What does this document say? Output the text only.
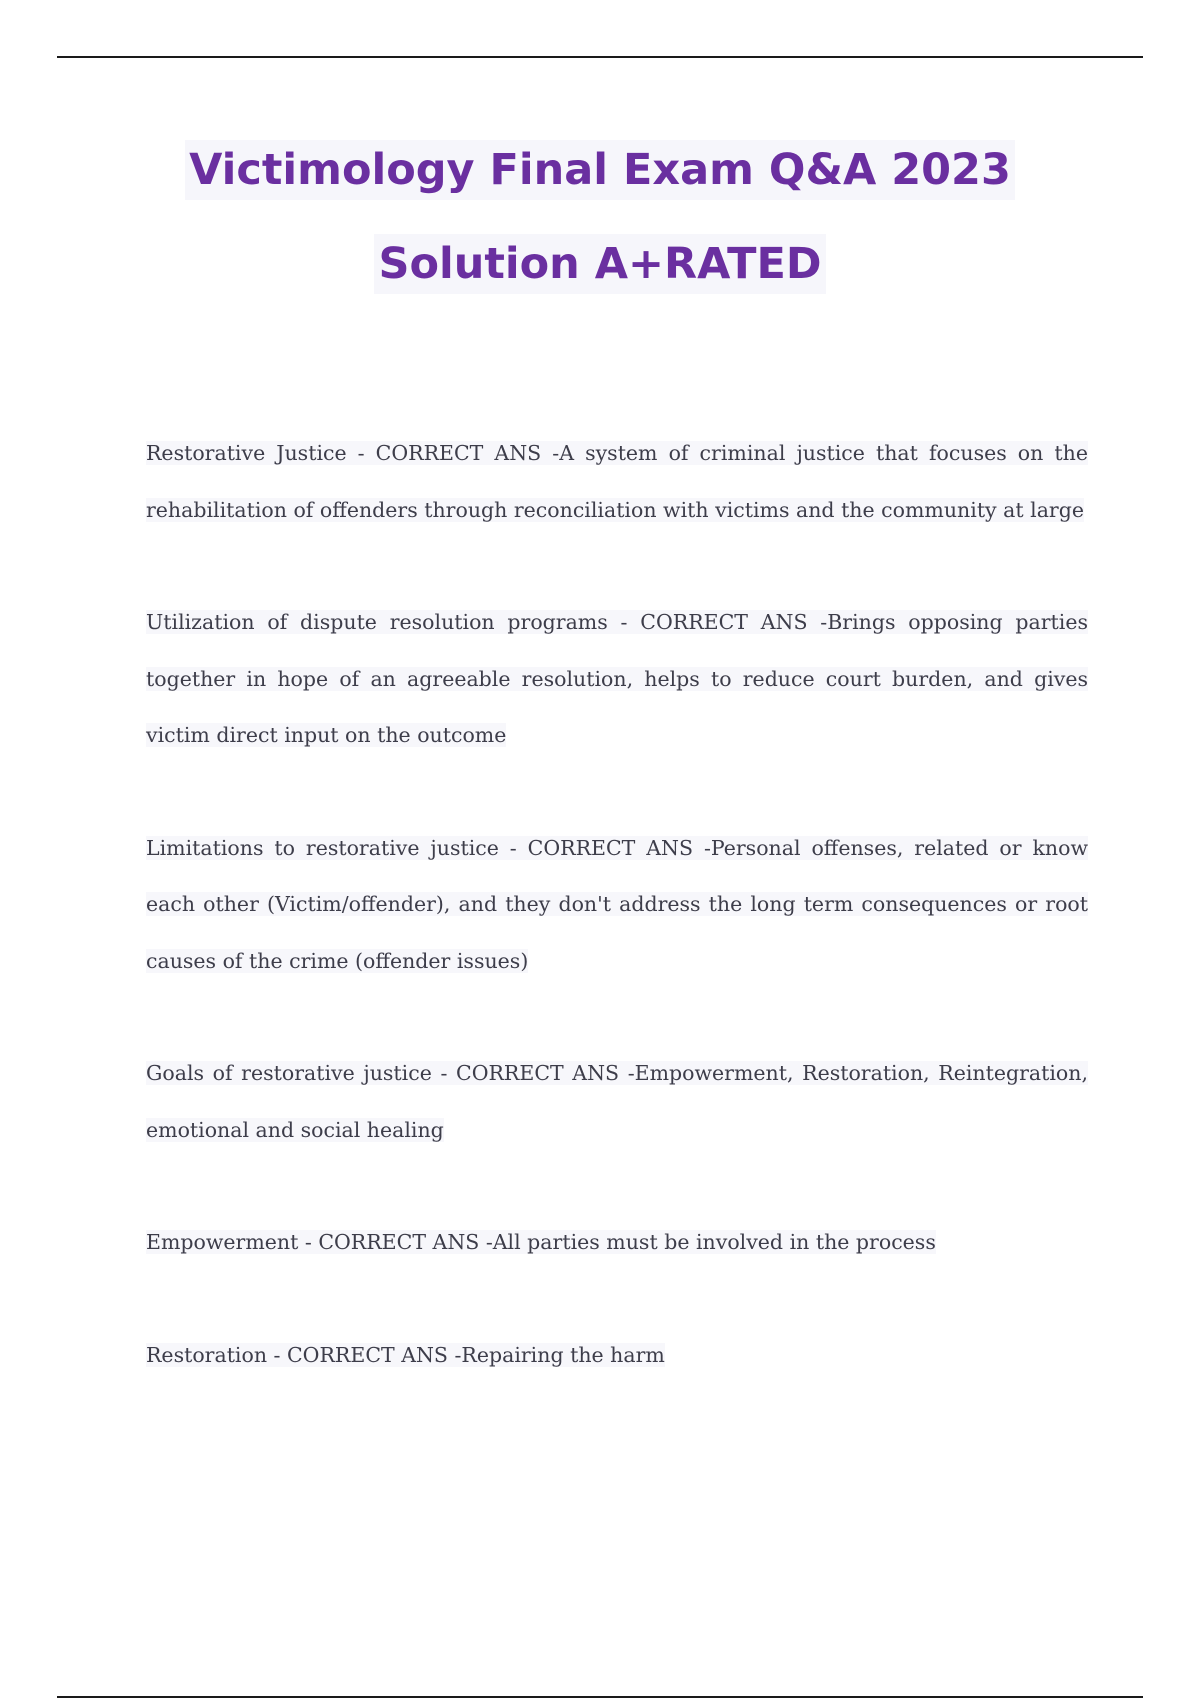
Victimology Final Exam Q&A 2023
Solution A+RATED
Restorative Justice - CORRECT ANS -A system of criminal justice that focuses on the rehabilitation of offenders through reconciliation with victims and the community at large
Utilization of dispute resolution programs - CORRECT ANS -Brings opposing parties together in hope of an agreeable resolution, helps to reduce court burden, and gives victim direct input on the outcome
Limitations to restorative justice - CORRECT ANS -Personal offenses, related or know each other (Victim/offender), and they don't address the long term consequences or root causes of the crime (offender issues)
Goals of restorative justice - CORRECT ANS -Empowerment, Restoration, Reintegration, emotional and social healing
Empowerment - CORRECT ANS -All parties must be involved in the process
Restoration - CORRECT ANS -Repairing the harm
